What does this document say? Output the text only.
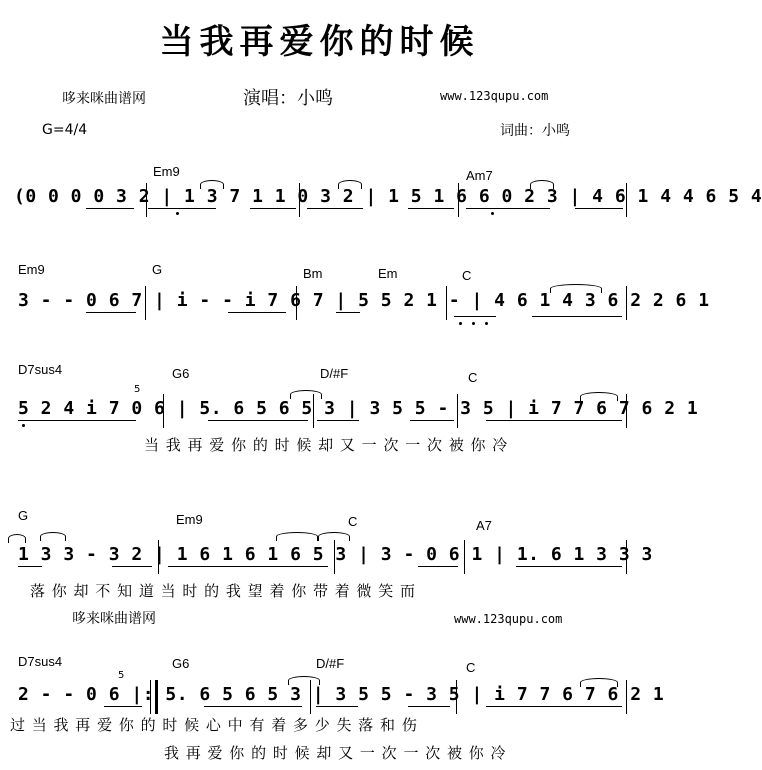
当我再爱你的时候
哆来咪曲谱网	演唱：小鸣	www.123qupu.com
G=4/4	词曲：小鸣
Em9	Am7
(0 0 0 0 3 2 | 1 3 7 1 1 0 3 2 | 1 5 1 6 6 0 2 3 | 4 6 1 4 4 6 5 4
Em9	G	Bm	Em	C
3 - - 0 6 7 | i - - i 7 6 7 | 5 5 2 1 - | 4 6 1 4 3 6 2 2 6 1
D7sus4	G6	D/#F	C
5
5 2 4 i 7 0 6 | 5. 6 5 6 5 3 | 3 5 5 - 3 5 | i 7 7 6 7 6 2 1
当 我 再 爱 你 的 时 候 却 又 一 次 一 次 被 你 冷
G	Em9	C	A7
1 3 3 - 3 2 | 1 6 1 6 1 6 5 3 | 3 - 0 6 1 | 1. 6 1 3 3 3
落 你 却 不 知 道 当 时 的 我 望 着 你 带 着 微 笑 而
哆来咪曲谱网	www.123qupu.com
D7sus4	G6	D/#F	C
5
2 - - 0 6 |: 5. 6 5 6 5 3 | 3 5 5 - 3 5 | i 7 7 6 7 6 2 1
过 当 我 再 爱 你 的 时 候 心 中 有 着 多 少 失 落 和 伤
我 再 爱 你 的 时 候 却 又 一 次 一 次 被 你 冷
